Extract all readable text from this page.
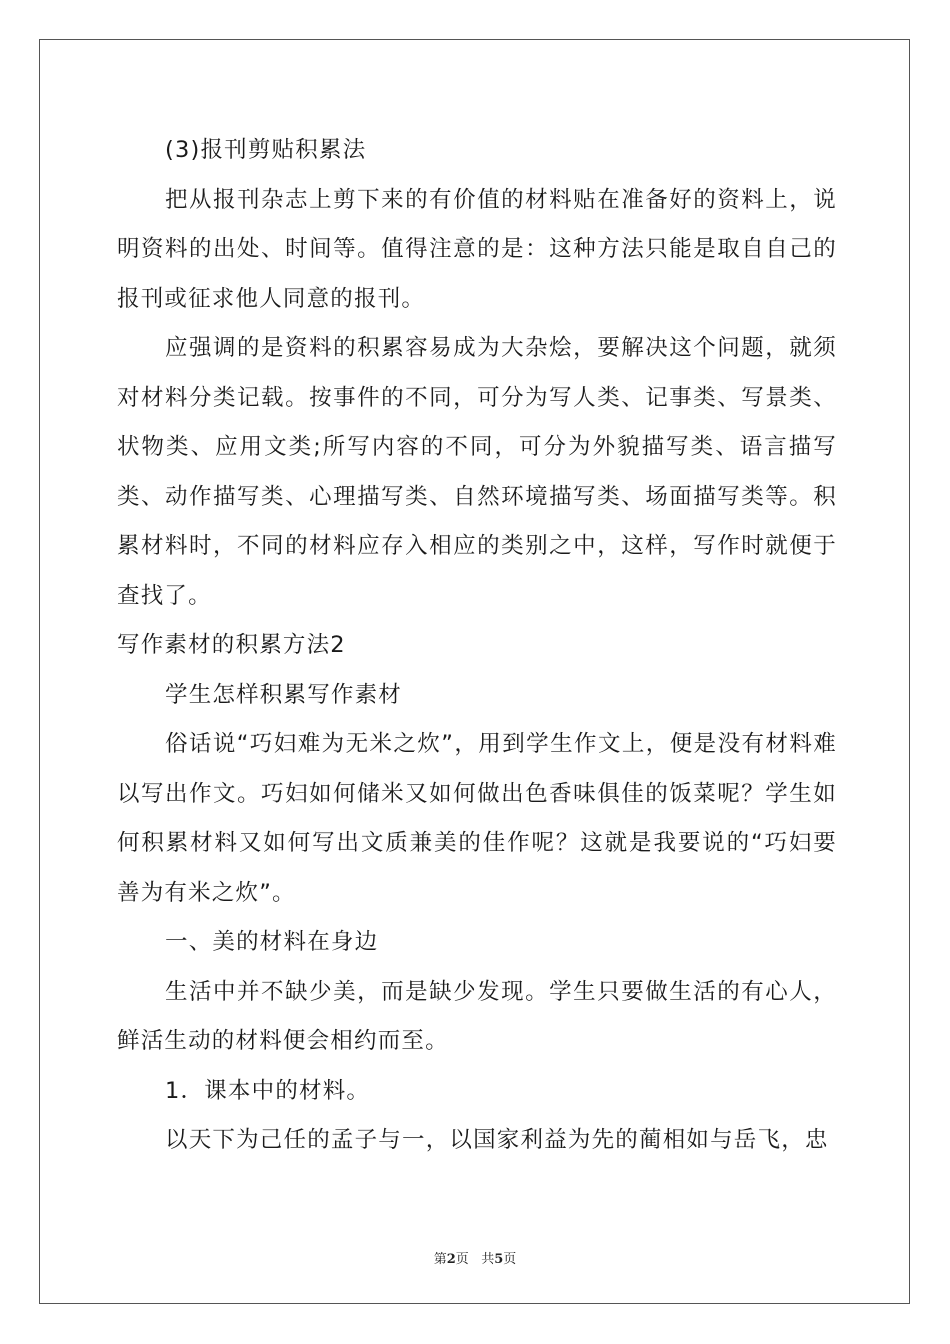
(3)报刊剪贴积累法

把从报刊杂志上剪下来的有价值的材料贴在准备好的资料上，说明资料的出处、时间等。值得注意的是：这种方法只能是取自自己的报刊或征求他人同意的报刊。

应强调的是资料的积累容易成为大杂烩，要解决这个问题，就须对材料分类记载。按事件的不同，可分为写人类、记事类、写景类、状物类、应用文类;所写内容的不同，可分为外貌描写类、语言描写类、动作描写类、心理描写类、自然环境描写类、场面描写类等。积累材料时，不同的材料应存入相应的类别之中，这样，写作时就便于查找了。

写作素材的积累方法2

学生怎样积累写作素材

俗话说“巧妇难为无米之炊”，用到学生作文上，便是没有材料难以写出作文。巧妇如何储米又如何做出色香味俱佳的饭菜呢？学生如何积累材料又如何写出文质兼美的佳作呢？这就是我要说的“巧妇要善为有米之炊”。

一、美的材料在身边

生活中并不缺少美，而是缺少发现。学生只要做生活的有心人，鲜活生动的材料便会相约而至。

1．课本中的材料。

以天下为己任的孟子与一，以国家利益为先的蔺相如与岳飞，忠

第2页 共5页
